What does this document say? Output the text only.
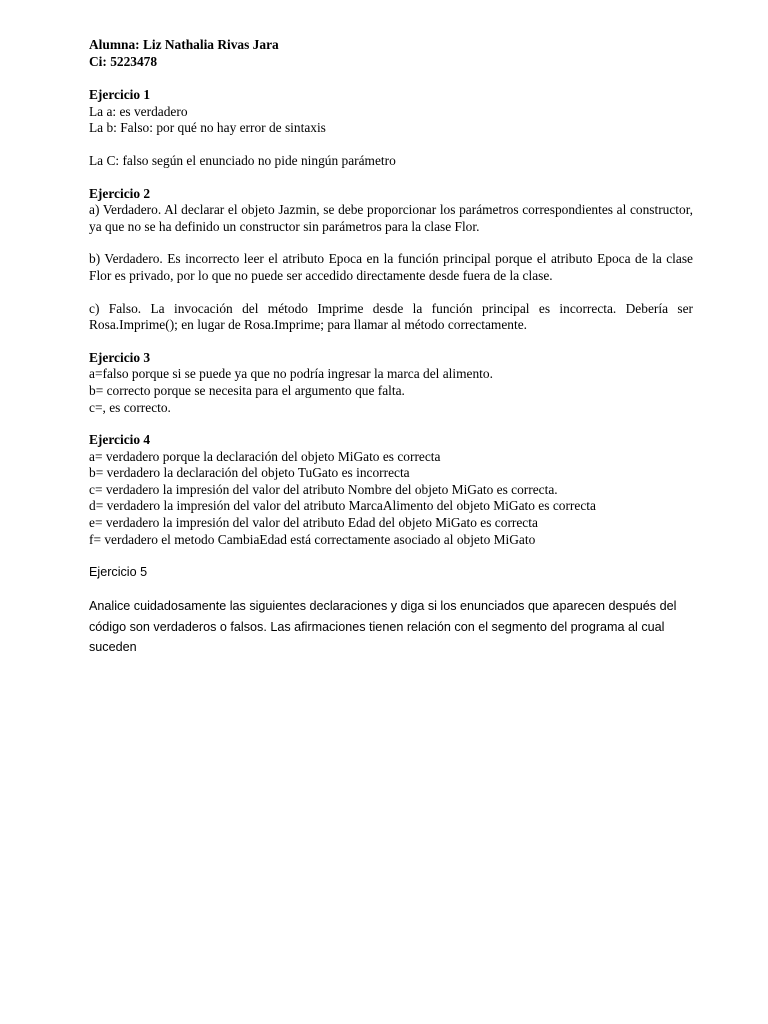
Alumna: Liz Nathalia Rivas Jara

Ci: 5223478

Ejercicio 1

La a: es verdadero

La b: Falso: por qué no hay error de sintaxis

La C: falso según el enunciado no pide ningún parámetro

Ejercicio 2

a) Verdadero. Al declarar el objeto Jazmin, se debe proporcionar los parámetros correspondientes al constructor, ya que no se ha definido un constructor sin parámetros para la clase Flor.

b) Verdadero. Es incorrecto leer el atributo Epoca en la función principal porque el atributo Epoca de la clase Flor es privado, por lo que no puede ser accedido directamente desde fuera de la clase.

c) Falso. La invocación del método Imprime desde la función principal es incorrecta. Debería ser Rosa.Imprime(); en lugar de Rosa.Imprime; para llamar al método correctamente.

Ejercicio 3

a=falso porque si se puede ya que no podría ingresar la marca del alimento.

b= correcto porque se necesita para el argumento que falta.

c=, es correcto.

Ejercicio 4

a= verdadero porque la declaración del objeto MiGato es correcta

b= verdadero la declaración del objeto TuGato es incorrecta

c= verdadero la impresión del valor del atributo Nombre del objeto MiGato es correcta.

d= verdadero la impresión del valor del atributo MarcaAlimento del objeto MiGato es correcta

e= verdadero la impresión del valor del atributo Edad del objeto MiGato es correcta

f= verdadero el metodo CambiaEdad está correctamente asociado al objeto MiGato

Ejercicio 5

Analice cuidadosamente las siguientes declaraciones y diga si los enunciados que aparecen después del código son verdaderos o falsos. Las afirmaciones tienen relación con el segmento del programa al cual suceden
